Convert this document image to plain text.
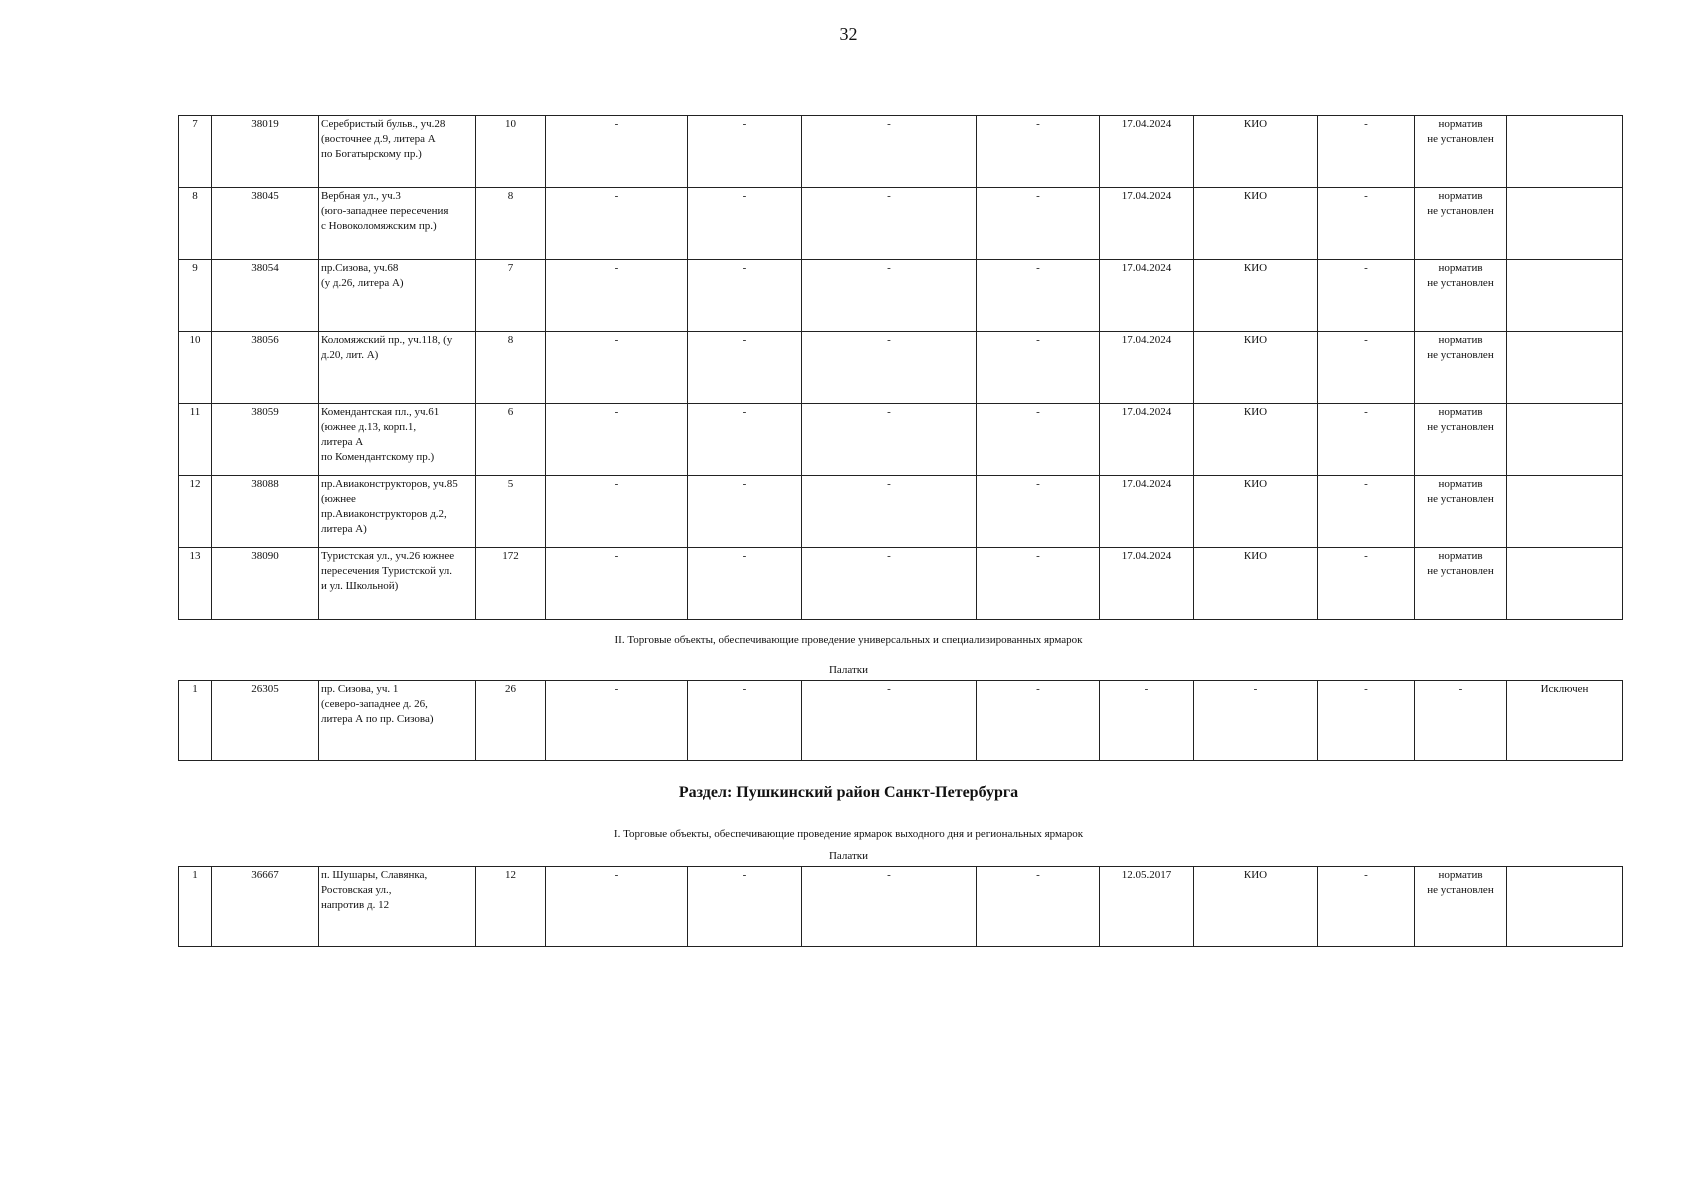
32
7	38019	Серебристый бульв., уч.28
(восточнее д.9, литера А
по Богатырскому пр.)	10	-	-	-	-	17.04.2024	КИО	-	норматив
не установлен	
8	38045	Вербная ул., уч.3
(юго-западнее пересечения
с Новоколомяжским пр.)	8	-	-	-	-	17.04.2024	КИО	-	норматив
не установлен	
9	38054	пр.Сизова, уч.68
(у д.26, литера А)	7	-	-	-	-	17.04.2024	КИО	-	норматив
не установлен	
10	38056	Коломяжский пр., уч.118, (у
д.20, лит. А)	8	-	-	-	-	17.04.2024	КИО	-	норматив
не установлен	
11	38059	Комендантская пл., уч.61
(южнее д.13, корп.1,
литера А
по Комендантскому пр.)	6	-	-	-	-	17.04.2024	КИО	-	норматив
не установлен	
12	38088	пр.Авиаконструкторов, уч.85
(южнее
пр.Авиаконструкторов д.2,
литера А)	5	-	-	-	-	17.04.2024	КИО	-	норматив
не установлен	
13	38090	Туристская ул., уч.26 южнее
пересечения Туристской ул.
и ул. Школьной)	172	-	-	-	-	17.04.2024	КИО	-	норматив
не установлен	
II. Торговые объекты, обеспечивающие проведение универсальных и специализированных ярмарок
Палатки
1	26305	пр. Сизова, уч. 1
(северо-западнее д. 26,
литера А по пр. Сизова)	26	-	-	-	-	-	-	-	-	Исключен
Раздел: Пушкинский район Санкт-Петербурга
I. Торговые объекты, обеспечивающие проведение ярмарок выходного дня и региональных ярмарок
Палатки
1	36667	п. Шушары, Славянка,
Ростовская ул.,
напротив д. 12	12	-	-	-	-	12.05.2017	КИО	-	норматив
не установлен	
